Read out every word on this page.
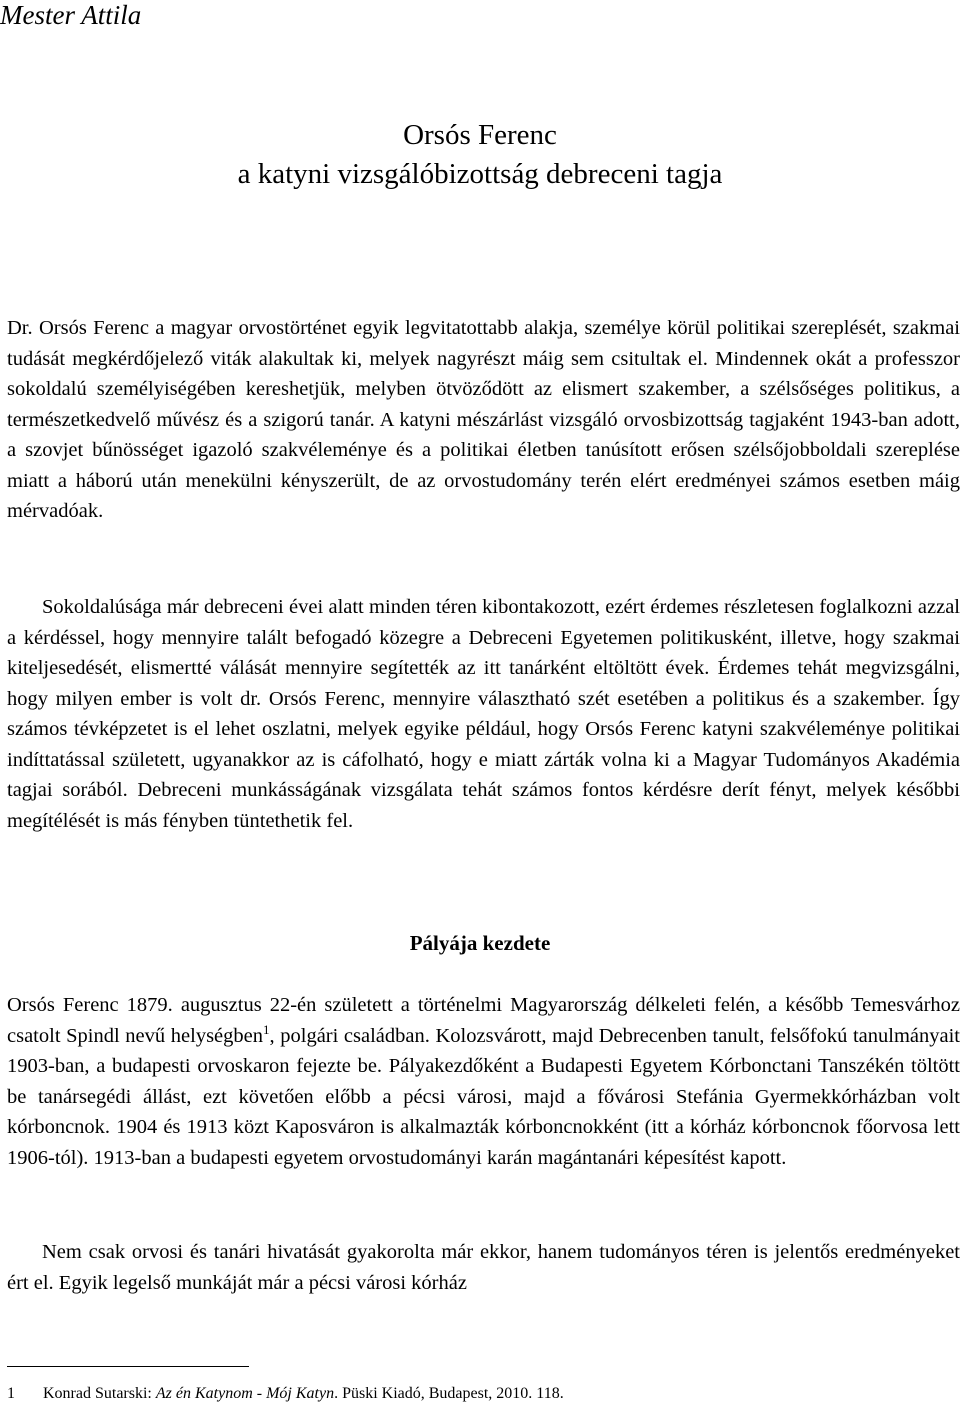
Mester Attila

Orsós Ferenc
a katyni vizsgálóbizottság debreceni tagja

Dr. Orsós Ferenc a magyar orvostörténet egyik legvitatottabb alakja, személye körül politikai szereplését, szakmai tudását megkérdőjelező viták alakultak ki, melyek nagyrészt máig sem csitultak el. Mindennek okát a professzor sokoldalú személyiségében kereshetjük, melyben ötvöződött az elismert szakember, a szélsőséges politikus, a természetkedvelő művész és a szigorú tanár. A katyni mészárlást vizsgáló orvosbizottság tagjaként 1943-ban adott, a szovjet bűnösséget igazoló szakvéleménye és a politikai életben tanúsított erősen szélsőjobboldali szereplése miatt a háború után menekülni kényszerült, de az orvostudomány terén elért eredményei számos esetben máig mérvadóak.

Sokoldalúsága már debreceni évei alatt minden téren kibontakozott, ezért érdemes részletesen foglalkozni azzal a kérdéssel, hogy mennyire talált befogadó közegre a Debreceni Egyetemen politikusként, illetve, hogy szakmai kiteljesedését, elismertté válását mennyire segítették az itt tanárként eltöltött évek. Érdemes tehát megvizsgálni, hogy milyen ember is volt dr. Orsós Ferenc, mennyire választható szét esetében a politikus és a szakember. Így számos tévképzetet is el lehet oszlatni, melyek egyike például, hogy Orsós Ferenc katyni szakvéleménye politikai indíttatással született, ugyanakkor az is cáfolható, hogy e miatt zárták volna ki a Magyar Tudományos Akadémia tagjai sorából. Debreceni munkásságának vizsgálata tehát számos fontos kérdésre derít fényt, melyek későbbi megítélését is más fényben tüntethetik fel.

Pályája kezdete

Orsós Ferenc 1879. augusztus 22-én született a történelmi Magyarország délkeleti felén, a később Temesvárhoz csatolt Spindl nevű helységben$^1$, polgári családban. Kolozsvárott, majd Debrecenben tanult, felsőfokú tanulmányait 1903-ban, a budapesti orvoskaron fejezte be. Pályakezdőként a Budapesti Egyetem Kórbonctani Tanszékén töltött be tanársegédi állást, ezt követően előbb a pécsi városi, majd a fővárosi Stefánia Gyermekkórházban volt kórboncnok. 1904 és 1913 közt Kaposváron is alkalmazták kórboncnokként (itt a kórház kórboncnok főorvosa lett 1906-tól). 1913-ban a budapesti egyetem orvostudományi karán magántanári képesítést kapott.

Nem csak orvosi és tanári hivatását gyakorolta már ekkor, hanem tudományos téren is jelentős eredményeket ért el. Egyik legelső munkáját már a pécsi városi kórház

1 Konrad Sutarski: Az én Katynom - Mój Katyn. Püski Kiadó, Budapest, 2010. 118.
